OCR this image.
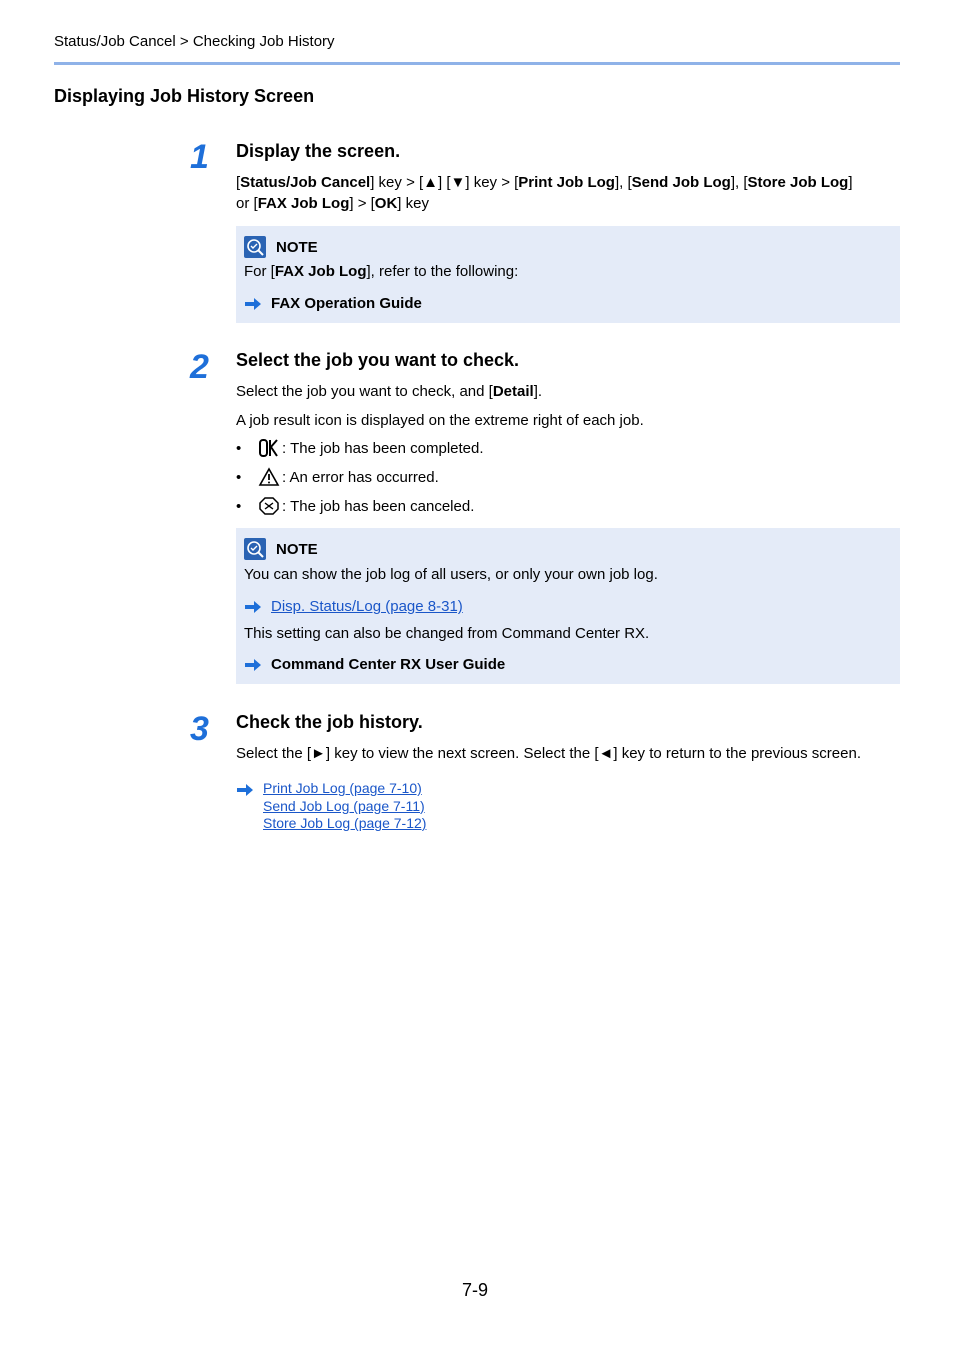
Status/Job Cancel > Checking Job History
Displaying Job History Screen
1	Display the screen.
[Status/Job Cancel] key > [▲] [▼] key > [Print Job Log], [Send Job Log], [Store Job Log]
or [FAX Job Log] > [OK] key
NOTE
For [FAX Job Log], refer to the following:
FAX Operation Guide
2	Select the job you want to check.
Select the job you want to check, and [Detail].
A job result icon is displayed on the extreme right of each job.
•	: The job has been completed.
•	: An error has occurred.
•	: The job has been canceled.
NOTE
You can show the job log of all users, or only your own job log.
Disp. Status/Log (page 8-31)
This setting can also be changed from Command Center RX.
Command Center RX User Guide
3	Check the job history.
Select the [►] key to view the next screen. Select the [◄] key to return to the previous screen.
Print Job Log (page 7-10)
Send Job Log (page 7-11)
Store Job Log (page 7-12)
7-9
